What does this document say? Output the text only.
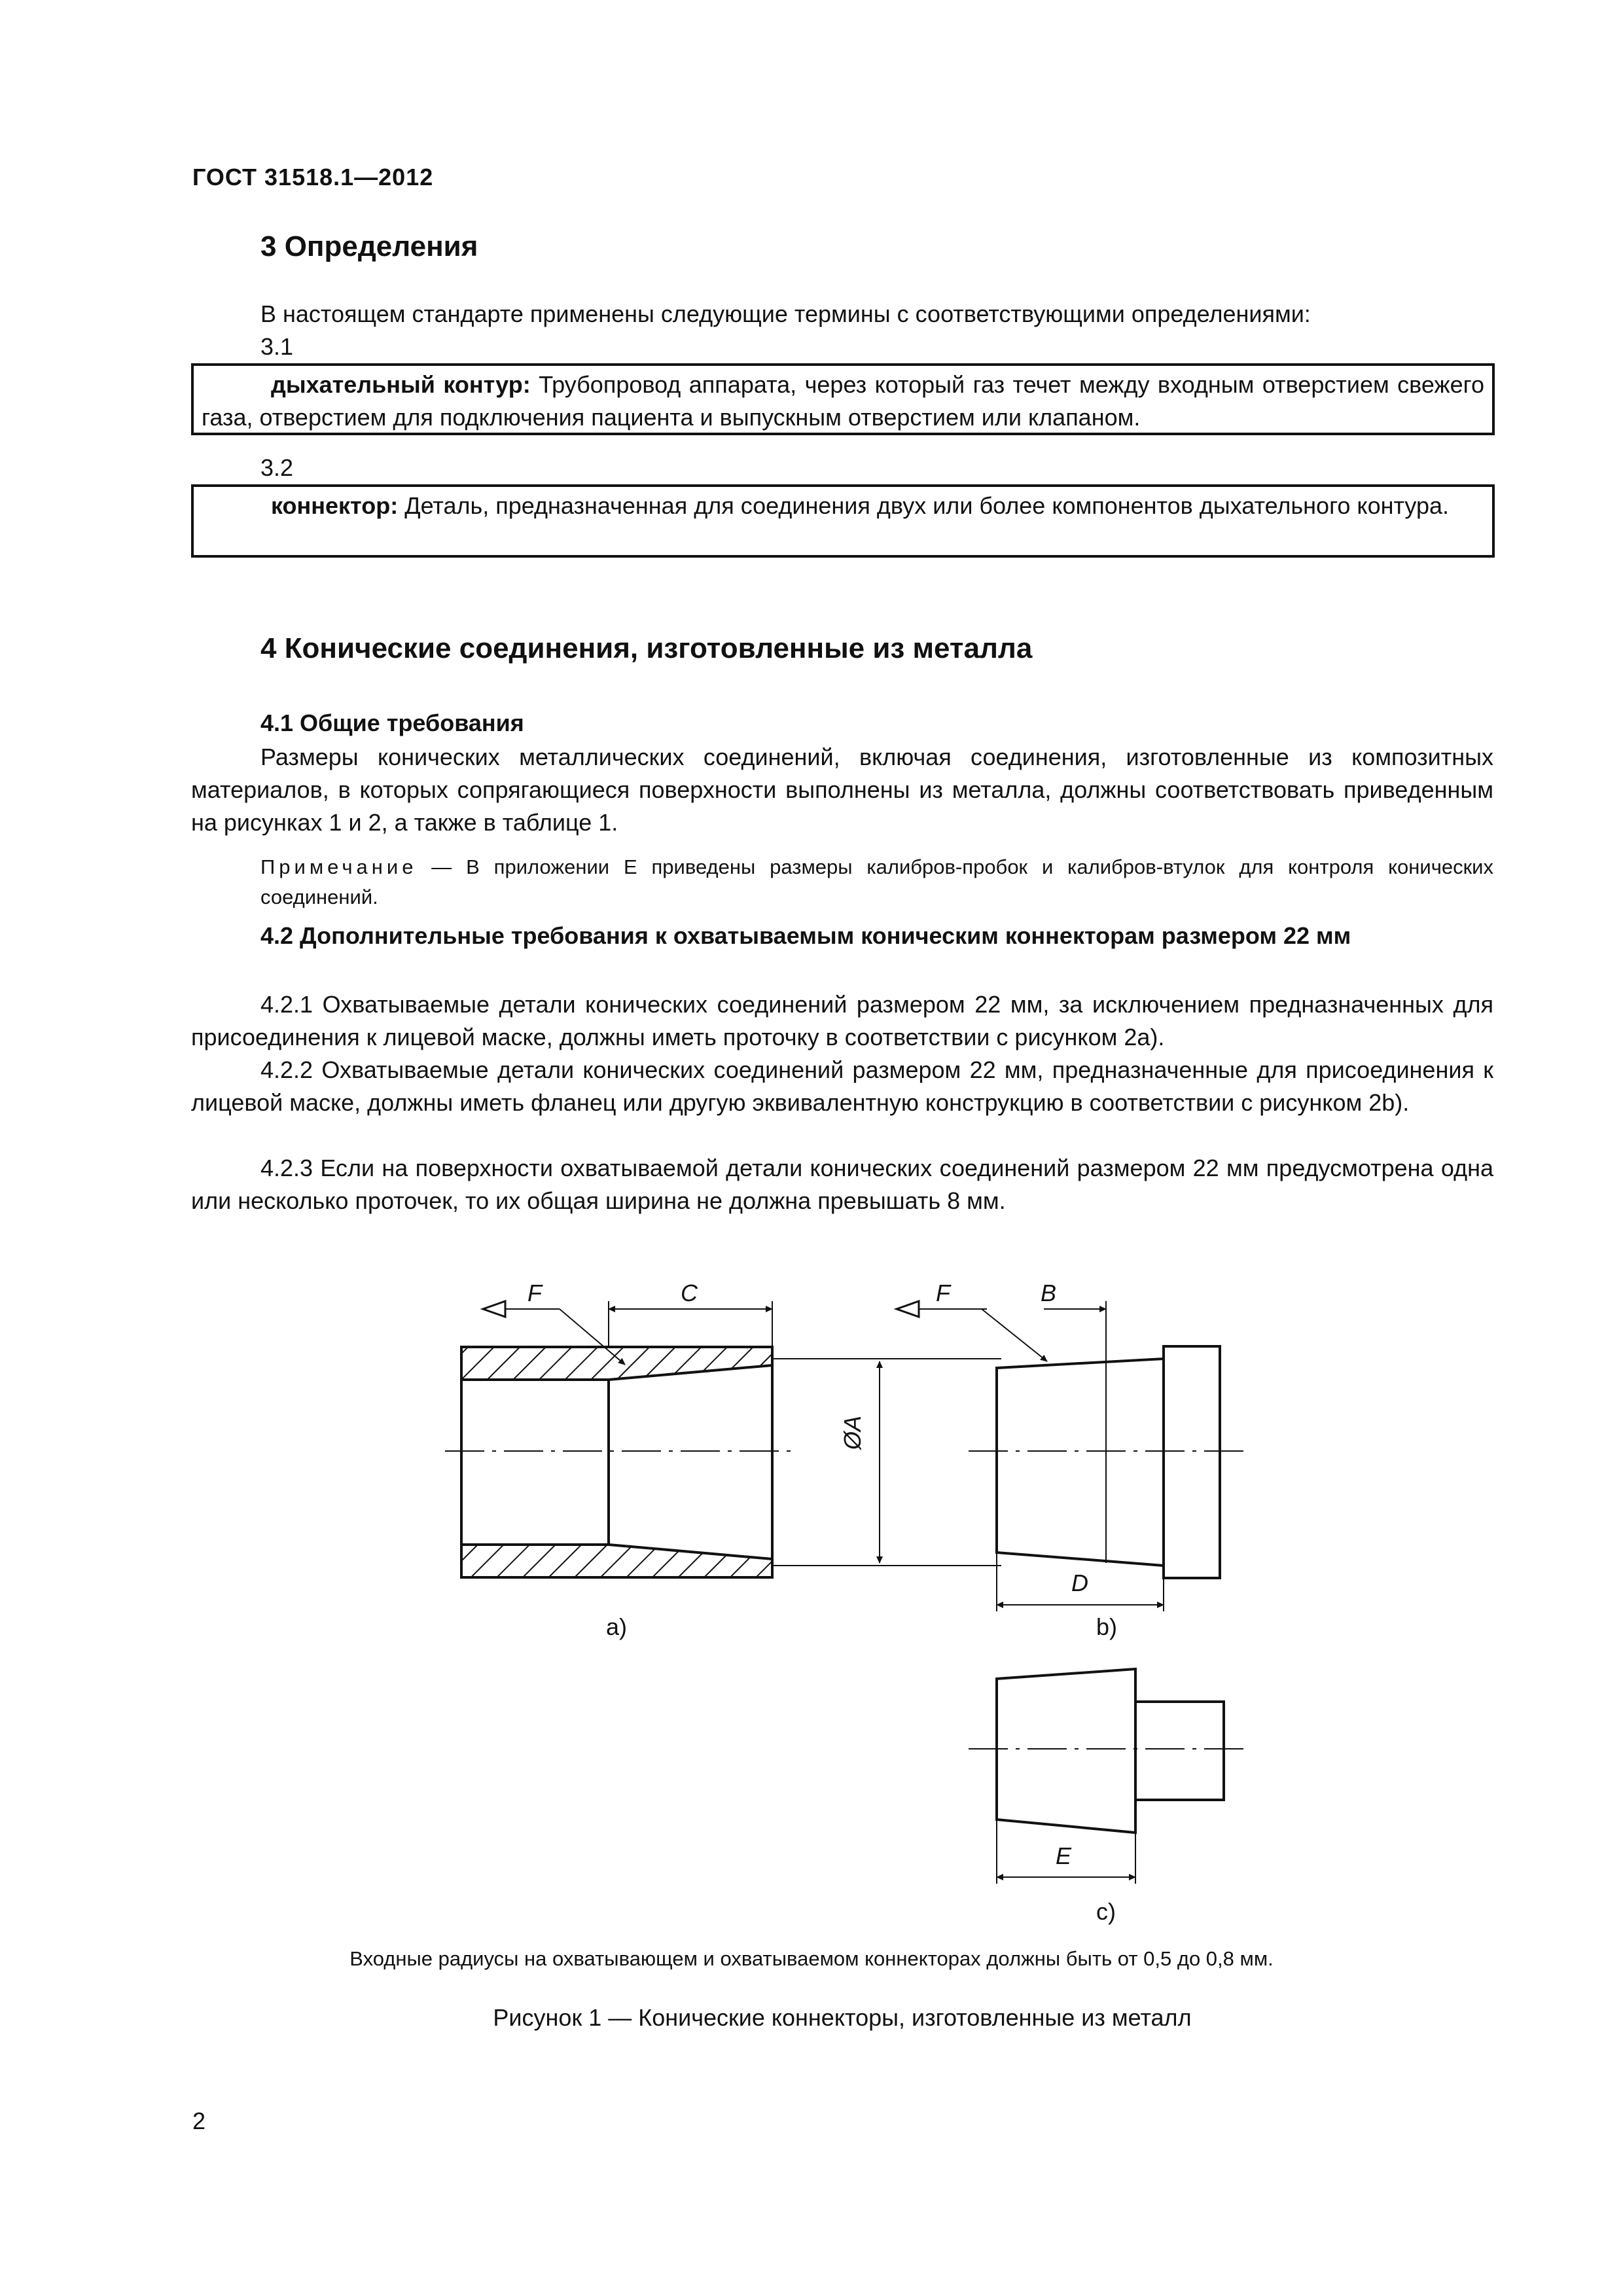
ГОСТ 31518.1—2012
3 Определения
В настоящем стандарте применены следующие термины с соответствующими определениями:
3.1
дыхательный контур: Трубопровод аппарата, через который газ течет между входным отверстием свежего газа, отверстием для подключения пациента и выпускным отверстием или клапаном.
3.2
коннектор: Деталь, предназначенная для соединения двух или более компонентов дыхательного контура.
4 Конические соединения, изготовленные из металла
4.1 Общие требования
Размеры конических металлических соединений, включая соединения, изготовленные из композитных материалов, в которых сопрягающиеся поверхности выполнены из металла, должны соответствовать приведенным на рисунках 1 и 2, а также в таблице 1.
Примечание — В приложении Е приведены размеры калибров-пробок и калибров-втулок для контроля конических соединений.
4.2 Дополнительные требования к охватываемым коническим коннекторам размером 22 мм
4.2.1 Охватываемые детали конических соединений размером 22 мм, за исключением предназначенных для присоединения к лицевой маске, должны иметь проточку в соответствии с рисунком 2а).
4.2.2 Охватываемые детали конических соединений размером 22 мм, предназначенные для присоединения к лицевой маске, должны иметь фланец или другую эквивалентную конструкцию в соответствии с рисунком 2b).
4.2.3 Если на поверхности охватываемой детали конических соединений размером 22 мм предусмотрена одна или несколько проточек, то их общая ширина не должна превышать 8 мм.
F	C	F	B
ØA
D
E
a)	b)
c)
Входные радиусы на охватывающем и охватываемом коннекторах должны быть от 0,5 до 0,8 мм.
Рисунок 1 — Конические коннекторы, изготовленные из металл
2
